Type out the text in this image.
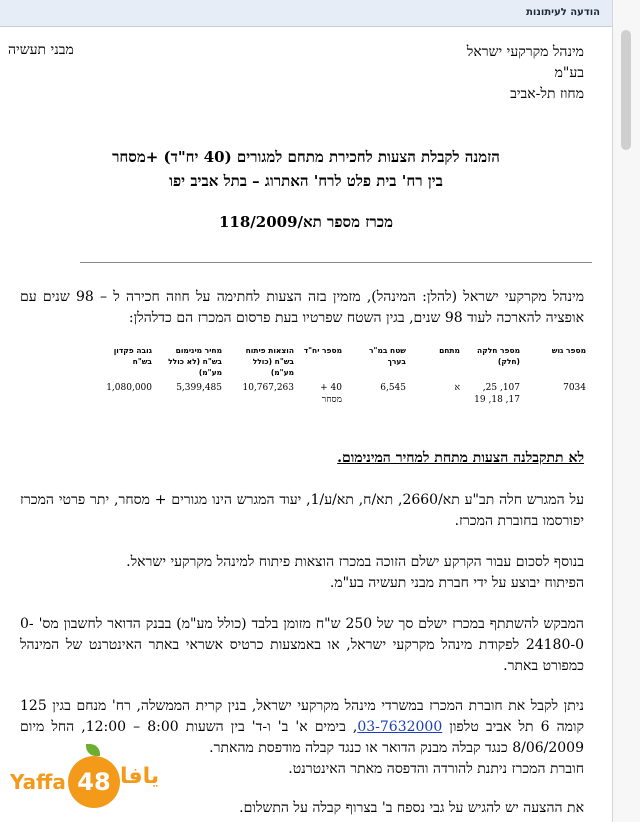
הודעה לעיתונות
מינהל מקרקעי ישראל
בע"מ
מחוז תל-אביב
מבני תעשיה
הזמנה לקבלת הצעות לחכירת מתחם למגורים (40 יח"ד) +מסחר
בין רח' בית פלט לרח' האתרוג – בתל אביב יפו
מכרז מספר תא/118/2009
מינהל מקרקעי ישראל (להלן: המינהל), מזמין בזה הצעות לחתימה על חוזה חכירה ל – 98 שנים עם אופציה להארכה לעוד 98 שנים, בגין השטח שפרטיו בעת פרסום המכרז הם כדלהלן:
מספר גוש	מספר חלקה (חלק)	מתחם	שטח במ"ר בערך	מספר יח"ד	הוצאות פיתוח בש"ח (כולל מע"מ)	מחיר מינימום בש"ח (לא כולל מע"מ)	גובה פקדון בש"ח
7034	107, 25, 17, 18, 19	א	6,545	40 + מסחר	10,767,263	5,399,485	1,080,000
לא תתקבלנה הצעות מתחת למחיר המינימום.
על המגרש חלה תב"ע תא/2660, תא/ח, תא/ע/1, יעוד המגרש הינו מגורים + מסחר, יתר פרטי המכרז יפורסמו בחוברת המכרז.
בנוסף לסכום עבור הקרקע ישלם הזוכה במכרז הוצאות פיתוח למינהל מקרקעי ישראל.
הפיתוח יבוצע על ידי חברת מבני תעשיה בע"מ.
המבקש להשתתף במכרז ישלם סך של 250 ש"ח מזומן בלבד (כולל מע"מ) בבנק הדואר לחשבון מס' 0-24180-0 לפקודת מינהל מקרקעי ישראל, או באמצעות כרטיס אשראי באתר האינטרנט של המינהל כמפורט באתר.
ניתן לקבל את חוברת המכרז במשרדי מינהל מקרקעי ישראל, בנין קרית הממשלה, רח' מנחם בגין 125 קומה 6 תל אביב טלפון 03-7632000, בימים א' ב' ו-ד' בין השעות 8:00 – 12:00, החל מיום 8/06/2009 כנגד קבלה מבנק הדואר או כנגד קבלה מודפסת מהאתר.
חוברת המכרז ניתנת להורדה והדפסה מאתר האינטרנט.
את ההצעה יש להגיש על גבי נספח ב' בצרוף קבלה על התשלום.
Yaffa 48 يافا
